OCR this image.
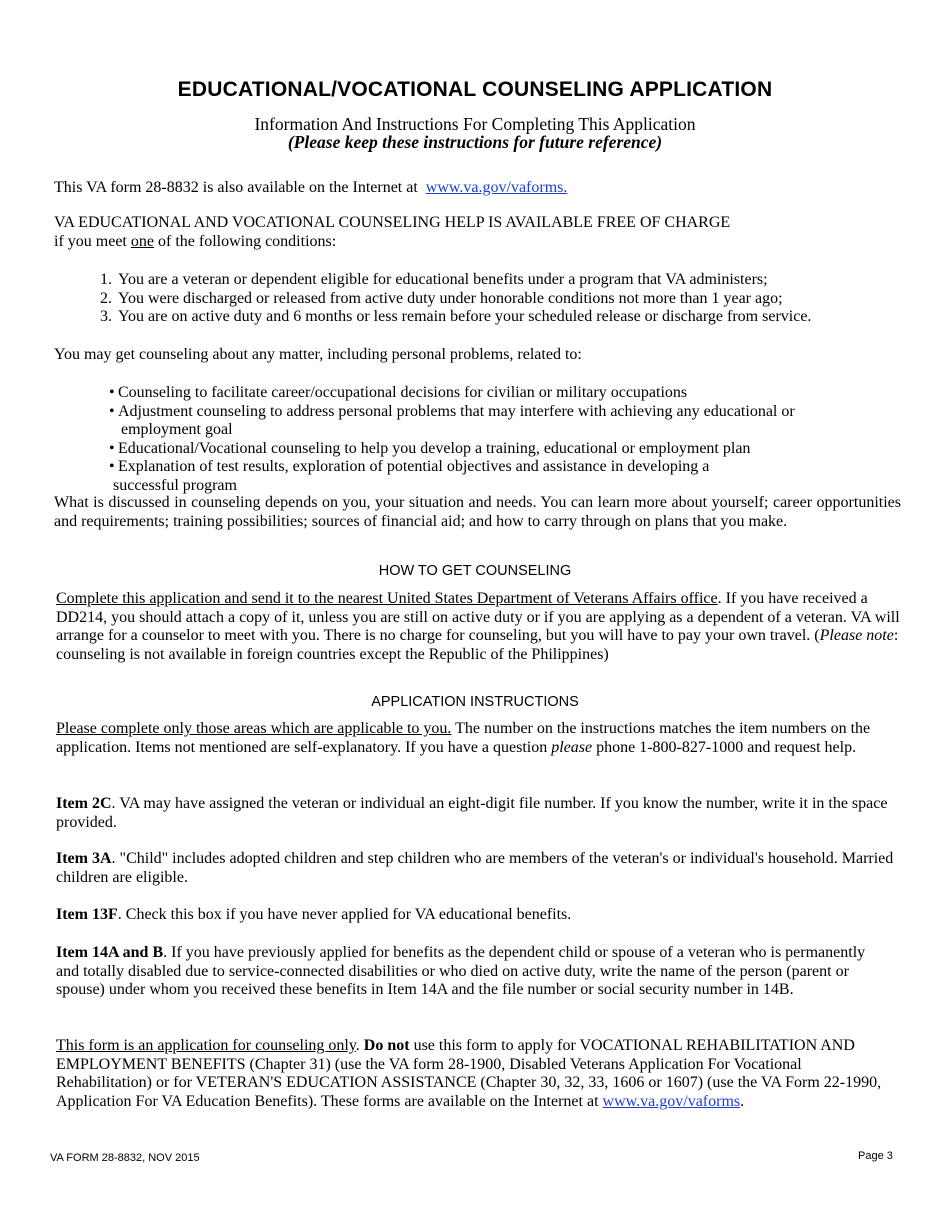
EDUCATIONAL/VOCATIONAL COUNSELING APPLICATION
Information And Instructions For Completing This Application
(Please keep these instructions for future reference)
This VA form 28-8832 is also available on the Internet at www.va.gov/vaforms.
VA EDUCATIONAL AND VOCATIONAL COUNSELING HELP IS AVAILABLE FREE OF CHARGE
if you meet one of the following conditions:
1. You are a veteran or dependent eligible for educational benefits under a program that VA administers;
2. You were discharged or released from active duty under honorable conditions not more than 1 year ago;
3. You are on active duty and 6 months or less remain before your scheduled release or discharge from service.
You may get counseling about any matter, including personal problems, related to:
• Counseling to facilitate career/occupational decisions for civilian or military occupations
• Adjustment counseling to address personal problems that may interfere with achieving any educational or
employment goal
• Educational/Vocational counseling to help you develop a training, educational or employment plan
• Explanation of test results, exploration of potential objectives and assistance in developing a
successful program
What is discussed in counseling depends on you, your situation and needs. You can learn more about yourself; career opportunities and requirements; training possibilities; sources of financial aid; and how to carry through on plans that you make.
HOW TO GET COUNSELING
Complete this application and send it to the nearest United States Department of Veterans Affairs office. If you have received a DD214, you should attach a copy of it, unless you are still on active duty or if you are applying as a dependent of a veteran. VA will arrange for a counselor to meet with you. There is no charge for counseling, but you will have to pay your own travel. (Please note: counseling is not available in foreign countries except the Republic of the Philippines)
APPLICATION INSTRUCTIONS
Please complete only those areas which are applicable to you. The number on the instructions matches the item numbers on the application. Items not mentioned are self-explanatory. If you have a question please phone 1-800-827-1000 and request help.
Item 2C. VA may have assigned the veteran or individual an eight-digit file number. If you know the number, write it in the space provided.
Item 3A. "Child" includes adopted children and step children who are members of the veteran's or individual's household. Married children are eligible.
Item 13F. Check this box if you have never applied for VA educational benefits.
Item 14A and B. If you have previously applied for benefits as the dependent child or spouse of a veteran who is permanently and totally disabled due to service-connected disabilities or who died on active duty, write the name of the person (parent or spouse) under whom you received these benefits in Item 14A and the file number or social security number in 14B.
This form is an application for counseling only. Do not use this form to apply for VOCATIONAL REHABILITATION AND EMPLOYMENT BENEFITS (Chapter 31) (use the VA form 28-1900, Disabled Veterans Application For Vocational Rehabilitation) or for VETERAN'S EDUCATION ASSISTANCE (Chapter 30, 32, 33, 1606 or 1607) (use the VA Form 22-1990, Application For VA Education Benefits). These forms are available on the Internet at www.va.gov/vaforms.
VA FORM 28-8832, NOV 2015	Page 3
